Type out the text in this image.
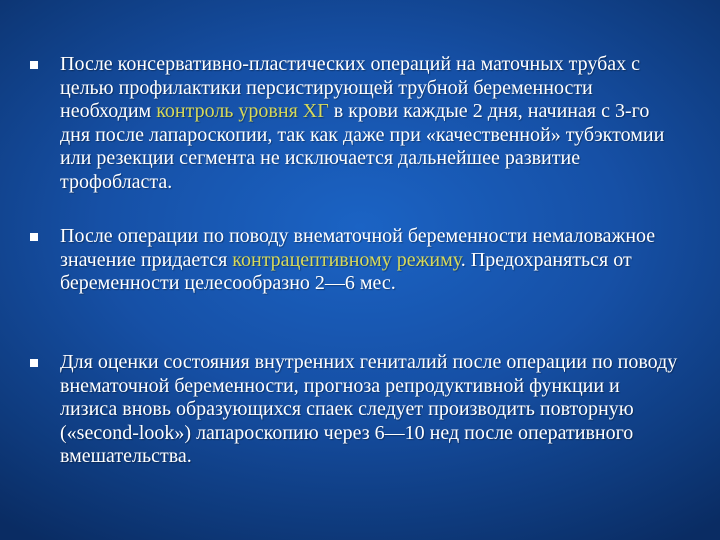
После консервативно-пластических операций на маточных трубах с целью профилактики персистирующей трубной беременности необходим контроль уровня ХГ в крови каждые 2 дня, начиная с 3-го дня после лапароскопии, так как даже при «качественной» тубэктомии или резекции сегмента не исключается дальнейшее развитие трофобласта.

После операции по поводу внематочной беременности немаловажное значение придается контрацептивному режиму. Предохраняться от беременности целесообразно 2—6 мес.

Для оценки состояния внутренних гениталий после операции по поводу внематочной беременности, прогноза репродуктивной функции и лизиса вновь образующихся спаек следует производить повторную («second-look») лапароскопию через 6—10 нед после оперативного вмешательства.
